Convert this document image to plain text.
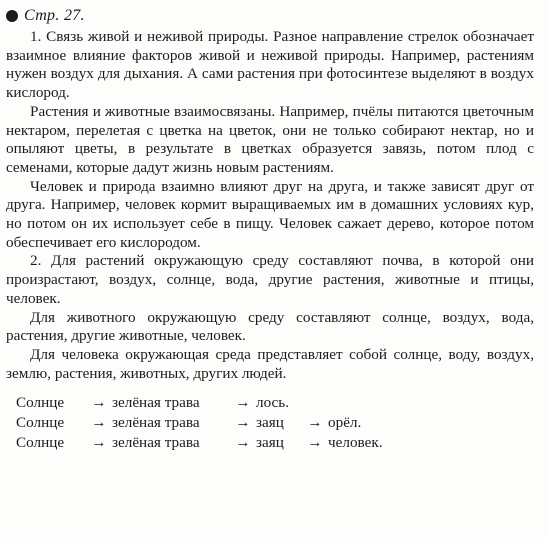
Стр. 27.

1. Связь живой и неживой природы. Разное направление стрелок обозначает взаимное влияние факторов живой и неживой природы. Например, растениям нужен воздух для дыхания. А сами растения при фотосинтезе выделяют в воздух кислород.

Растения и животные взаимосвязаны. Например, пчёлы питаются цветочным нектаром, перелетая с цветка на цветок, они не только собирают нектар, но и опыляют цветы, в результате в цветках образуется завязь, потом плод с семенами, которые дадут жизнь новым растениям.

Человек и природа взаимно влияют друг на друга, и также зависят друг от друга. Например, человек кормит выращиваемых им в домашних условиях кур, но потом он их использует себе в пищу. Человек сажает дерево, которое потом обеспечивает его кислородом.

2. Для растений окружающую среду составляют почва, в которой они произрастают, воздух, солнце, вода, другие растения, животные и птицы, человек.

Для животного окружающую среду составляют солнце, воздух, вода, растения, другие животные, человек.

Для человека окружающая среда представляет собой солнце, воду, воздух, землю, растения, животных, других людей.

Солнце	→ зелёная трава	→ лось.
Солнце	→ зелёная трава	→ заяц	→ орёл.
Солнце	→ зелёная трава	→ заяц	→ человек.
